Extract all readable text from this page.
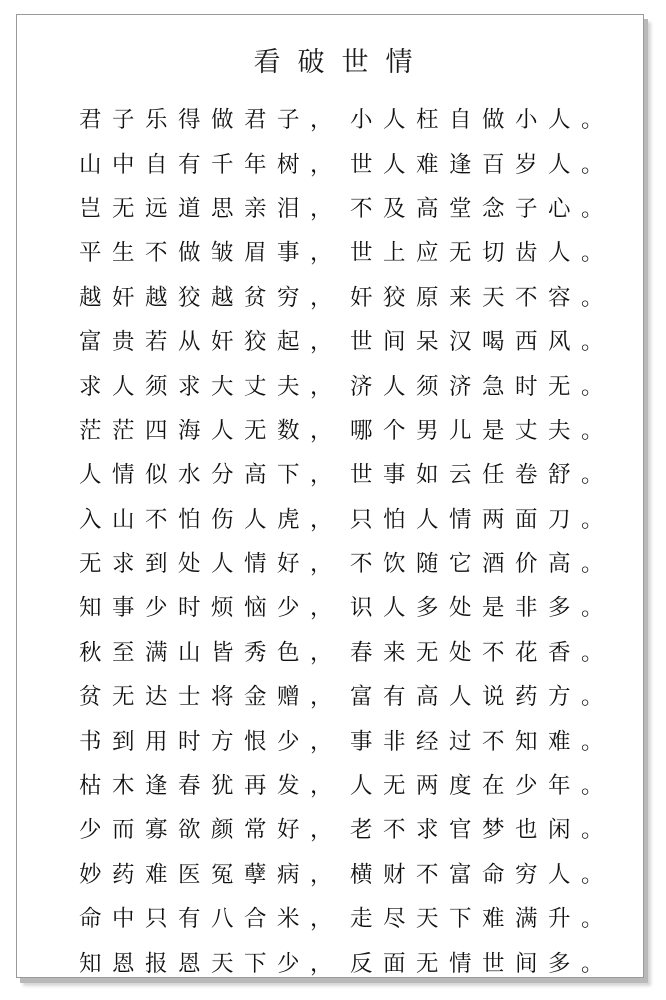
看破世情
君子乐得做君子， 小人枉自做小人。
山中自有千年树， 世人难逢百岁人。
岂无远道思亲泪， 不及高堂念子心。
平生不做皱眉事， 世上应无切齿人。
越奸越狡越贫穷， 奸狡原来天不容。
富贵若从奸狡起， 世间呆汉喝西风。
求人须求大丈夫， 济人须济急时无。
茫茫四海人无数， 哪个男儿是丈夫。
人情似水分高下， 世事如云任卷舒。
入山不怕伤人虎， 只怕人情两面刀。
无求到处人情好， 不饮随它酒价高。
知事少时烦恼少， 识人多处是非多。
秋至满山皆秀色， 春来无处不花香。
贫无达士将金赠， 富有高人说药方。
书到用时方恨少， 事非经过不知难。
枯木逢春犹再发， 人无两度在少年。
少而寡欲颜常好， 老不求官梦也闲。
妙药难医冤孽病， 横财不富命穷人。
命中只有八合米， 走尽天下难满升。
知恩报恩天下少， 反面无情世间多。
